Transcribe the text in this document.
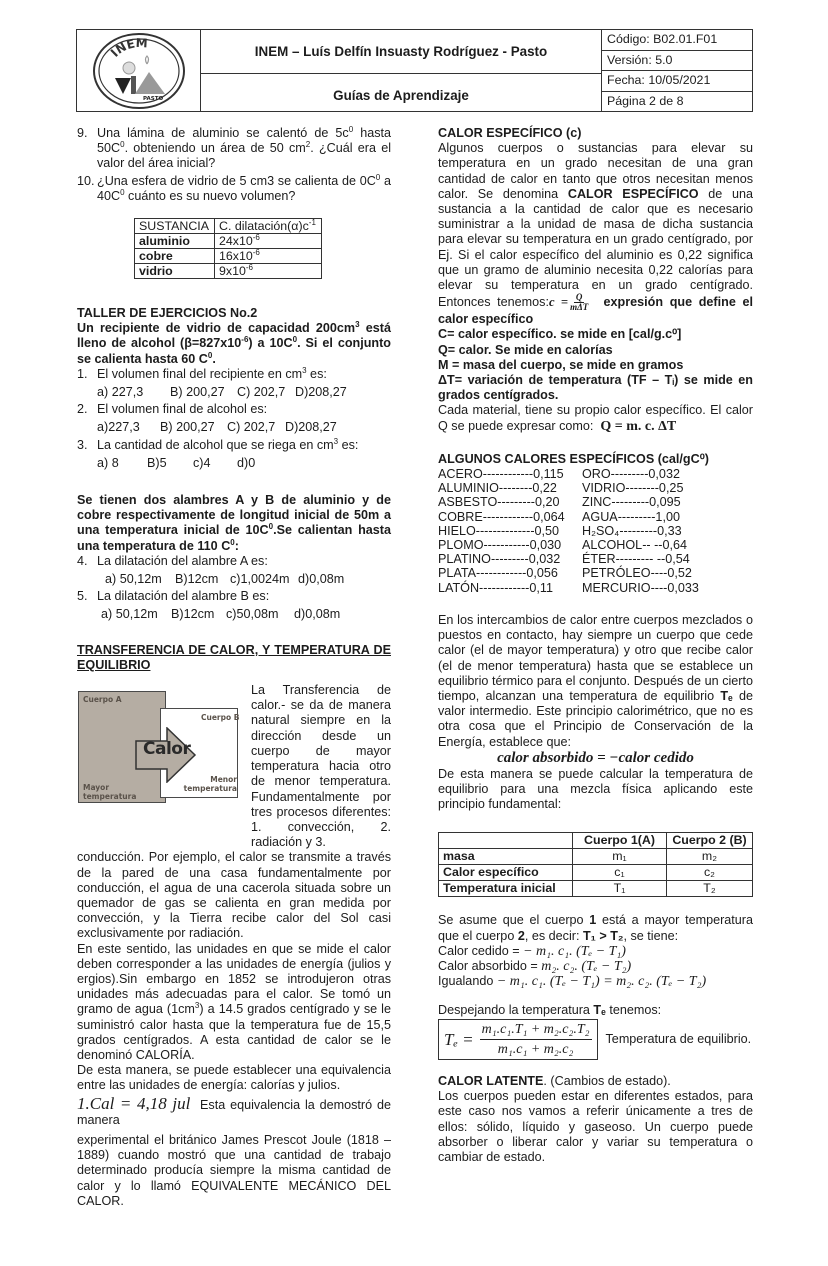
INEM
PASTO
INEM – Luís Delfín Insuasty Rodríguez - Pasto
Guías de Aprendizaje
Código: B02.01.F01
Versión: 5.0
Fecha: 10/05/2021
Página 2 de 8
9. Una lámina de aluminio se calentó de $5c^0$ hasta $50C^0$. obteniendo un área de 50 $cm^2$. ¿Cuál era el valor del área inicial?
10. ¿Una esfera de vidrio de 5 cm3 se calienta de $0C^0$ a $40C^0$ cuánto es su nuevo volumen?
SUSTANCIA	C. $dilatación(\alpha)c^{-1}$
aluminio	$24x10^{-6}$
cobre	$16x10^{-6}$
vidrio	$9x10^{-6}$
TALLER DE EJERCICIOS No.2

Un recipiente de vidrio de capacidad $200cm^3$ está lleno de alcohol $(\beta=827x10^{-6})$ a $10C^0$. Si el conjunto se calienta hasta 60 $C^0$.

1. El volumen final del recipiente en $cm^3$ es:
a) 227,3	B) 200,27 C) 202,7 D)208,27
2. El volumen final de alcohol es:
a)227,3	B) 200,27 C) 202,7 D)208,27
3. La cantidad de alcohol que se riega en $cm^3$ es:
a) 8	B)5	c)4	d)0

Se tienen dos alambres A y B de aluminio y de cobre respectivamente de longitud inicial de 50m a una temperatura inicial de $10C^0.Se$ calientan hasta una temperatura de 110 $C^0$:

4. La dilatación del alambre A es:
a) 50,12m	B)12cm c)1,0024m d)0,08m
5. La dilatación del alambre B es:
a) 50,12m	B)12cm c)50,08m	d)0,08m

TRANSFERENCIA DE CALOR, Y TEMPERATURA DE EQUILIBRIO

Cuerpo A
Cuerpo B
Calor
Mayor temperatura
Menor temperatura

La Transferencia de calor.- se da de manera natural siempre en la dirección desde un cuerpo de mayor temperatura hacia otro de menor temperatura. Fundamentalmente por tres procesos diferentes: 1. convección, 2. radiación y 3.

conducción. Por ejemplo, el calor se transmite a través de la pared de una casa fundamentalmente por conducción, el agua de una cacerola situada sobre un quemador de gas se calienta en gran medida por convección, y la Tierra recibe calor del Sol casi exclusivamente por radiación.

En este sentido, las unidades en que se mide el calor deben corresponder a las unidades de energía (julios y ergios).Sin embargo en 1852 se introdujeron otras unidades más adecuadas para el calor. Se tomó un gramo de agua $(1cm^3)$ a 14.5 grados centígrado y se le suministró calor hasta que la temperatura fue de 15,5 grados centígrados. A esta cantidad de calor se le denominó CALORÍA.

De esta manera, se puede establecer una equivalencia entre las unidades de energía: calorías y julios.

1.Cal = 4,18 jul Esta equivalencia la demostró de manera

experimental el británico James Prescot Joule (1818 – 1889) cuando mostró que una cantidad de trabajo determinado producía siempre la misma cantidad de calor y lo llamó EQUIVALENTE MECÁNICO DEL CALOR.

CALOR ESPECÍFICO (c)

Algunos cuerpos o sustancias para elevar su temperatura en un grado necesitan de una gran cantidad de calor en tanto que otros necesitan menos calor. Se denomina CALOR ESPECÍFICO de una sustancia a la cantidad de calor que es necesario suministrar a la unidad de masa de dicha sustancia para elevar su temperatura en un grado centígrado, por Ej. Si el calor específico del aluminio es 0,22 significa que un gramo de aluminio necesita 0,22 calorías para elevar su temperatura en un grado centígrado. Entonces tenemos:c = $\frac{Q}{\text{mΔT}}$ expresión que define el calor específico

C= calor específico. se mide en [cal/g.c⁰]
Q= calor. Se mide en calorías
M = masa del cuerpo, se mide en gramos

ΔT= variación de temperatura (TF – Tᵢ) se mide en grados centígrados.

Cada material, tiene su propio calor específico. El calor Q se puede expresar como: Q = m. c. ΔT

ALGUNOS CALORES ESPECÍFICOS (cal/gC⁰)
ACERO------------0,115	ORO---------0,032
ALUMINIO--------0,22	VIDRIO--------0,25
ASBESTO---------0,20	ZINC---------0,095
COBRE------------0,064	AGUA---------1,00
HIELO--------------0,50	H₂SO₄---------0,33
PLOMO-----------0,030	ALCOHOL-- --0,64
PLATINO---------0,032	ÉTER--------- --0,54
PLATA------------0,056	PETRÓLEO----0,52
LATÓN------------0,11	MERCURIO----0,033

En los intercambios de calor entre cuerpos mezclados o puestos en contacto, hay siempre un cuerpo que cede calor (el de mayor temperatura) y otro que recibe calor (el de menor temperatura) hasta que se establece un equilibrio térmico para el conjunto. Después de un cierto tiempo, alcanzan una temperatura de equilibrio Tₑ de valor intermedio. Este principio calorimétrico, que no es otra cosa que el Principio de Conservación de la Energía, establece que:

calor absorbido = −calor cedido

De esta manera se puede calcular la temperatura de equilibrio para una mezcla física aplicando este principio fundamental:

	Cuerpo 1(A)	Cuerpo 2 (B)
masa	m₁	m₂
Calor específico	c₁	c₂
Temperatura inicial	T₁	T₂

Se asume que el cuerpo 1 está a mayor temperatura que el cuerpo 2, es decir: T₁ > T₂, se tiene:

Calor cedido = − m₁. c₁. (Tₑ − T₁)
Calor absorbido = m₂. c₂. (Tₑ − T₂)
Igualando − m₁. c₁. (Tₑ − T₁) = m₂. c₂. (Tₑ − T₂)
Despejando la temperatura Tₑ tenemos:
$T_e = \frac{\text{m₁.c₁.T₁ + m₂.c₂.T₂}}{\text{m₁.c₁ + m₂.c₂}}$ Temperatura de equilibrio.
CALOR LATENTE. (Cambios de estado).

Los cuerpos pueden estar en diferentes estados, para este caso nos vamos a referir únicamente a tres de ellos: sólido, líquido y gaseoso. Un cuerpo puede absorber o liberar calor y variar su temperatura o cambiar de estado.
